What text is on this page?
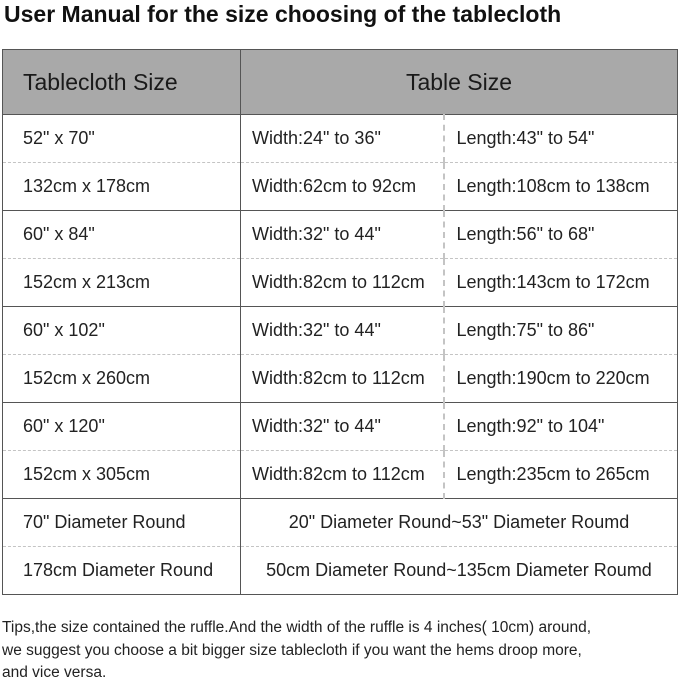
User Manual for the size choosing of the tablecloth
Tablecloth Size	Table Size	
52" x 70"	Width:24" to 36"	Length:43" to 54"
132cm x 178cm	Width:62cm to 92cm	Length:108cm to 138cm
60" x 84"	Width:32" to 44"	Length:56" to 68"
152cm x 213cm	Width:82cm to 112cm	Length:143cm to 172cm
60" x 102"	Width:32" to 44"	Length:75" to 86"
152cm x 260cm	Width:82cm to 112cm	Length:190cm to 220cm
60" x 120"	Width:32" to 44"	Length:92" to 104"
152cm x 305cm	Width:82cm to 112cm	Length:235cm to 265cm
70" Diameter Round	20" Diameter Round~53" Diameter Roumd	
178cm Diameter Round	50cm Diameter Round~135cm Diameter Roumd	
Tips,the size contained the ruffle.And the width of the ruffle is 4 inches( 10cm) around,
we suggest you choose a bit bigger size tablecloth if you want the hems droop more,
and vice versa.
